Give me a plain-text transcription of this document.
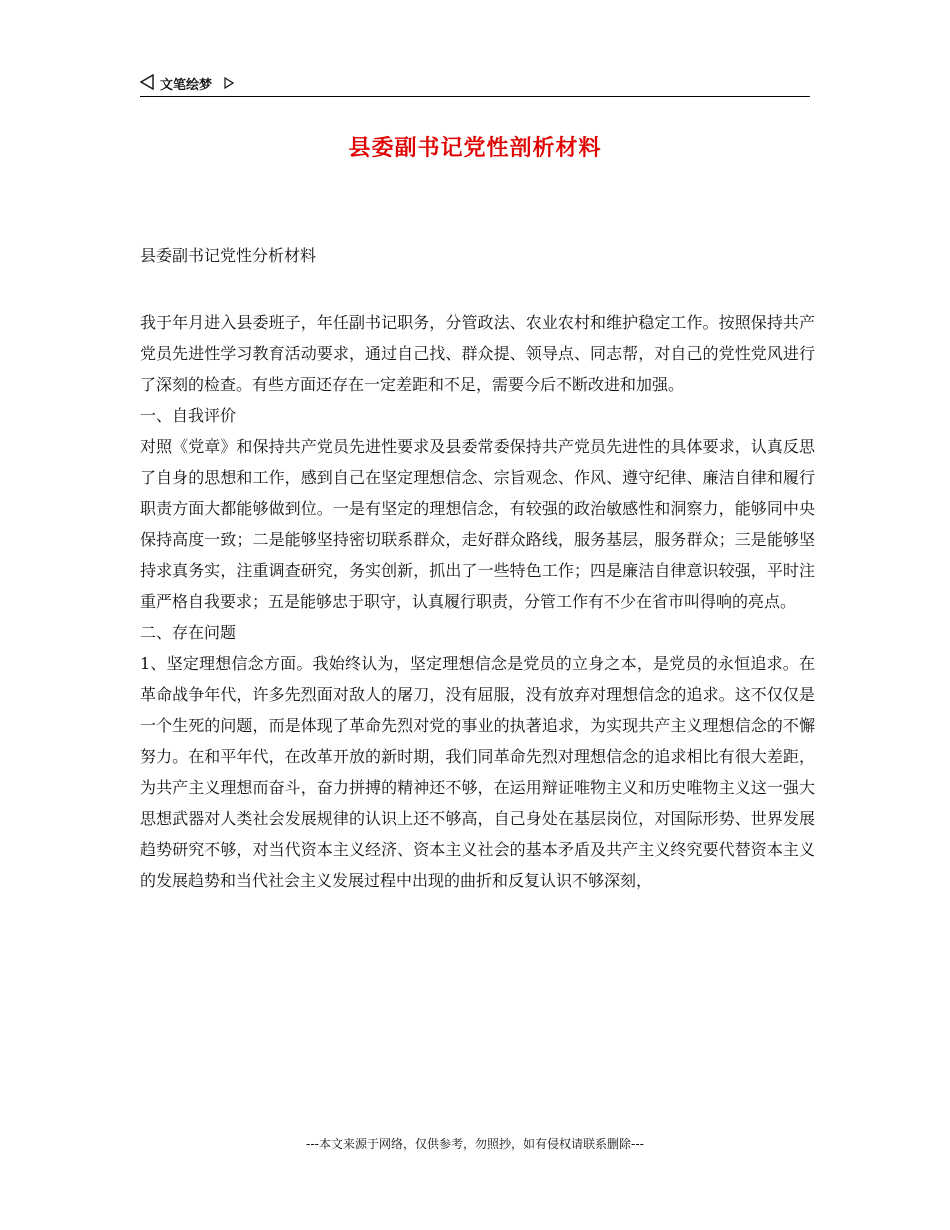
文笔绘梦
县委副书记党性剖析材料
县委副书记党性分析材料

我于年月进入县委班子，年任副书记职务，分管政法、农业农村和维护稳定工作。按照保持共产党员先进性学习教育活动要求，通过自己找、群众提、领导点、同志帮，对自己的党性党风进行了深刻的检查。有些方面还存在一定差距和不足，需要今后不断改进和加强。

一、自我评价

对照《党章》和保持共产党员先进性要求及县委常委保持共产党员先进性的具体要求，认真反思了自身的思想和工作，感到自己在坚定理想信念、宗旨观念、作风、遵守纪律、廉洁自律和履行职责方面大都能够做到位。一是有坚定的理想信念，有较强的政治敏感性和洞察力，能够同中央保持高度一致；二是能够坚持密切联系群众，走好群众路线，服务基层，服务群众；三是能够坚持求真务实，注重调查研究，务实创新，抓出了一些特色工作；四是廉洁自律意识较强，平时注重严格自我要求；五是能够忠于职守，认真履行职责，分管工作有不少在省市叫得响的亮点。

二、存在问题

1、坚定理想信念方面。我始终认为，坚定理想信念是党员的立身之本，是党员的永恒追求。在革命战争年代，许多先烈面对敌人的屠刀，没有屈服，没有放弃对理想信念的追求。这不仅仅是一个生死的问题，而是体现了革命先烈对党的事业的执著追求，为实现共产主义理想信念的不懈努力。在和平年代，在改革开放的新时期，我们同革命先烈对理想信念的追求相比有很大差距，为共产主义理想而奋斗，奋力拼搏的精神还不够，在运用辩证唯物主义和历史唯物主义这一强大思想武器对人类社会发展规律的认识上还不够高，自己身处在基层岗位，对国际形势、世界发展趋势研究不够，对当代资本主义经济、资本主义社会的基本矛盾及共产主义终究要代替资本主义的发展趋势和当代社会主义发展过程中出现的曲折和反复认识不够深刻，

---本文来源于网络，仅供参考，勿照抄，如有侵权请联系删除---
